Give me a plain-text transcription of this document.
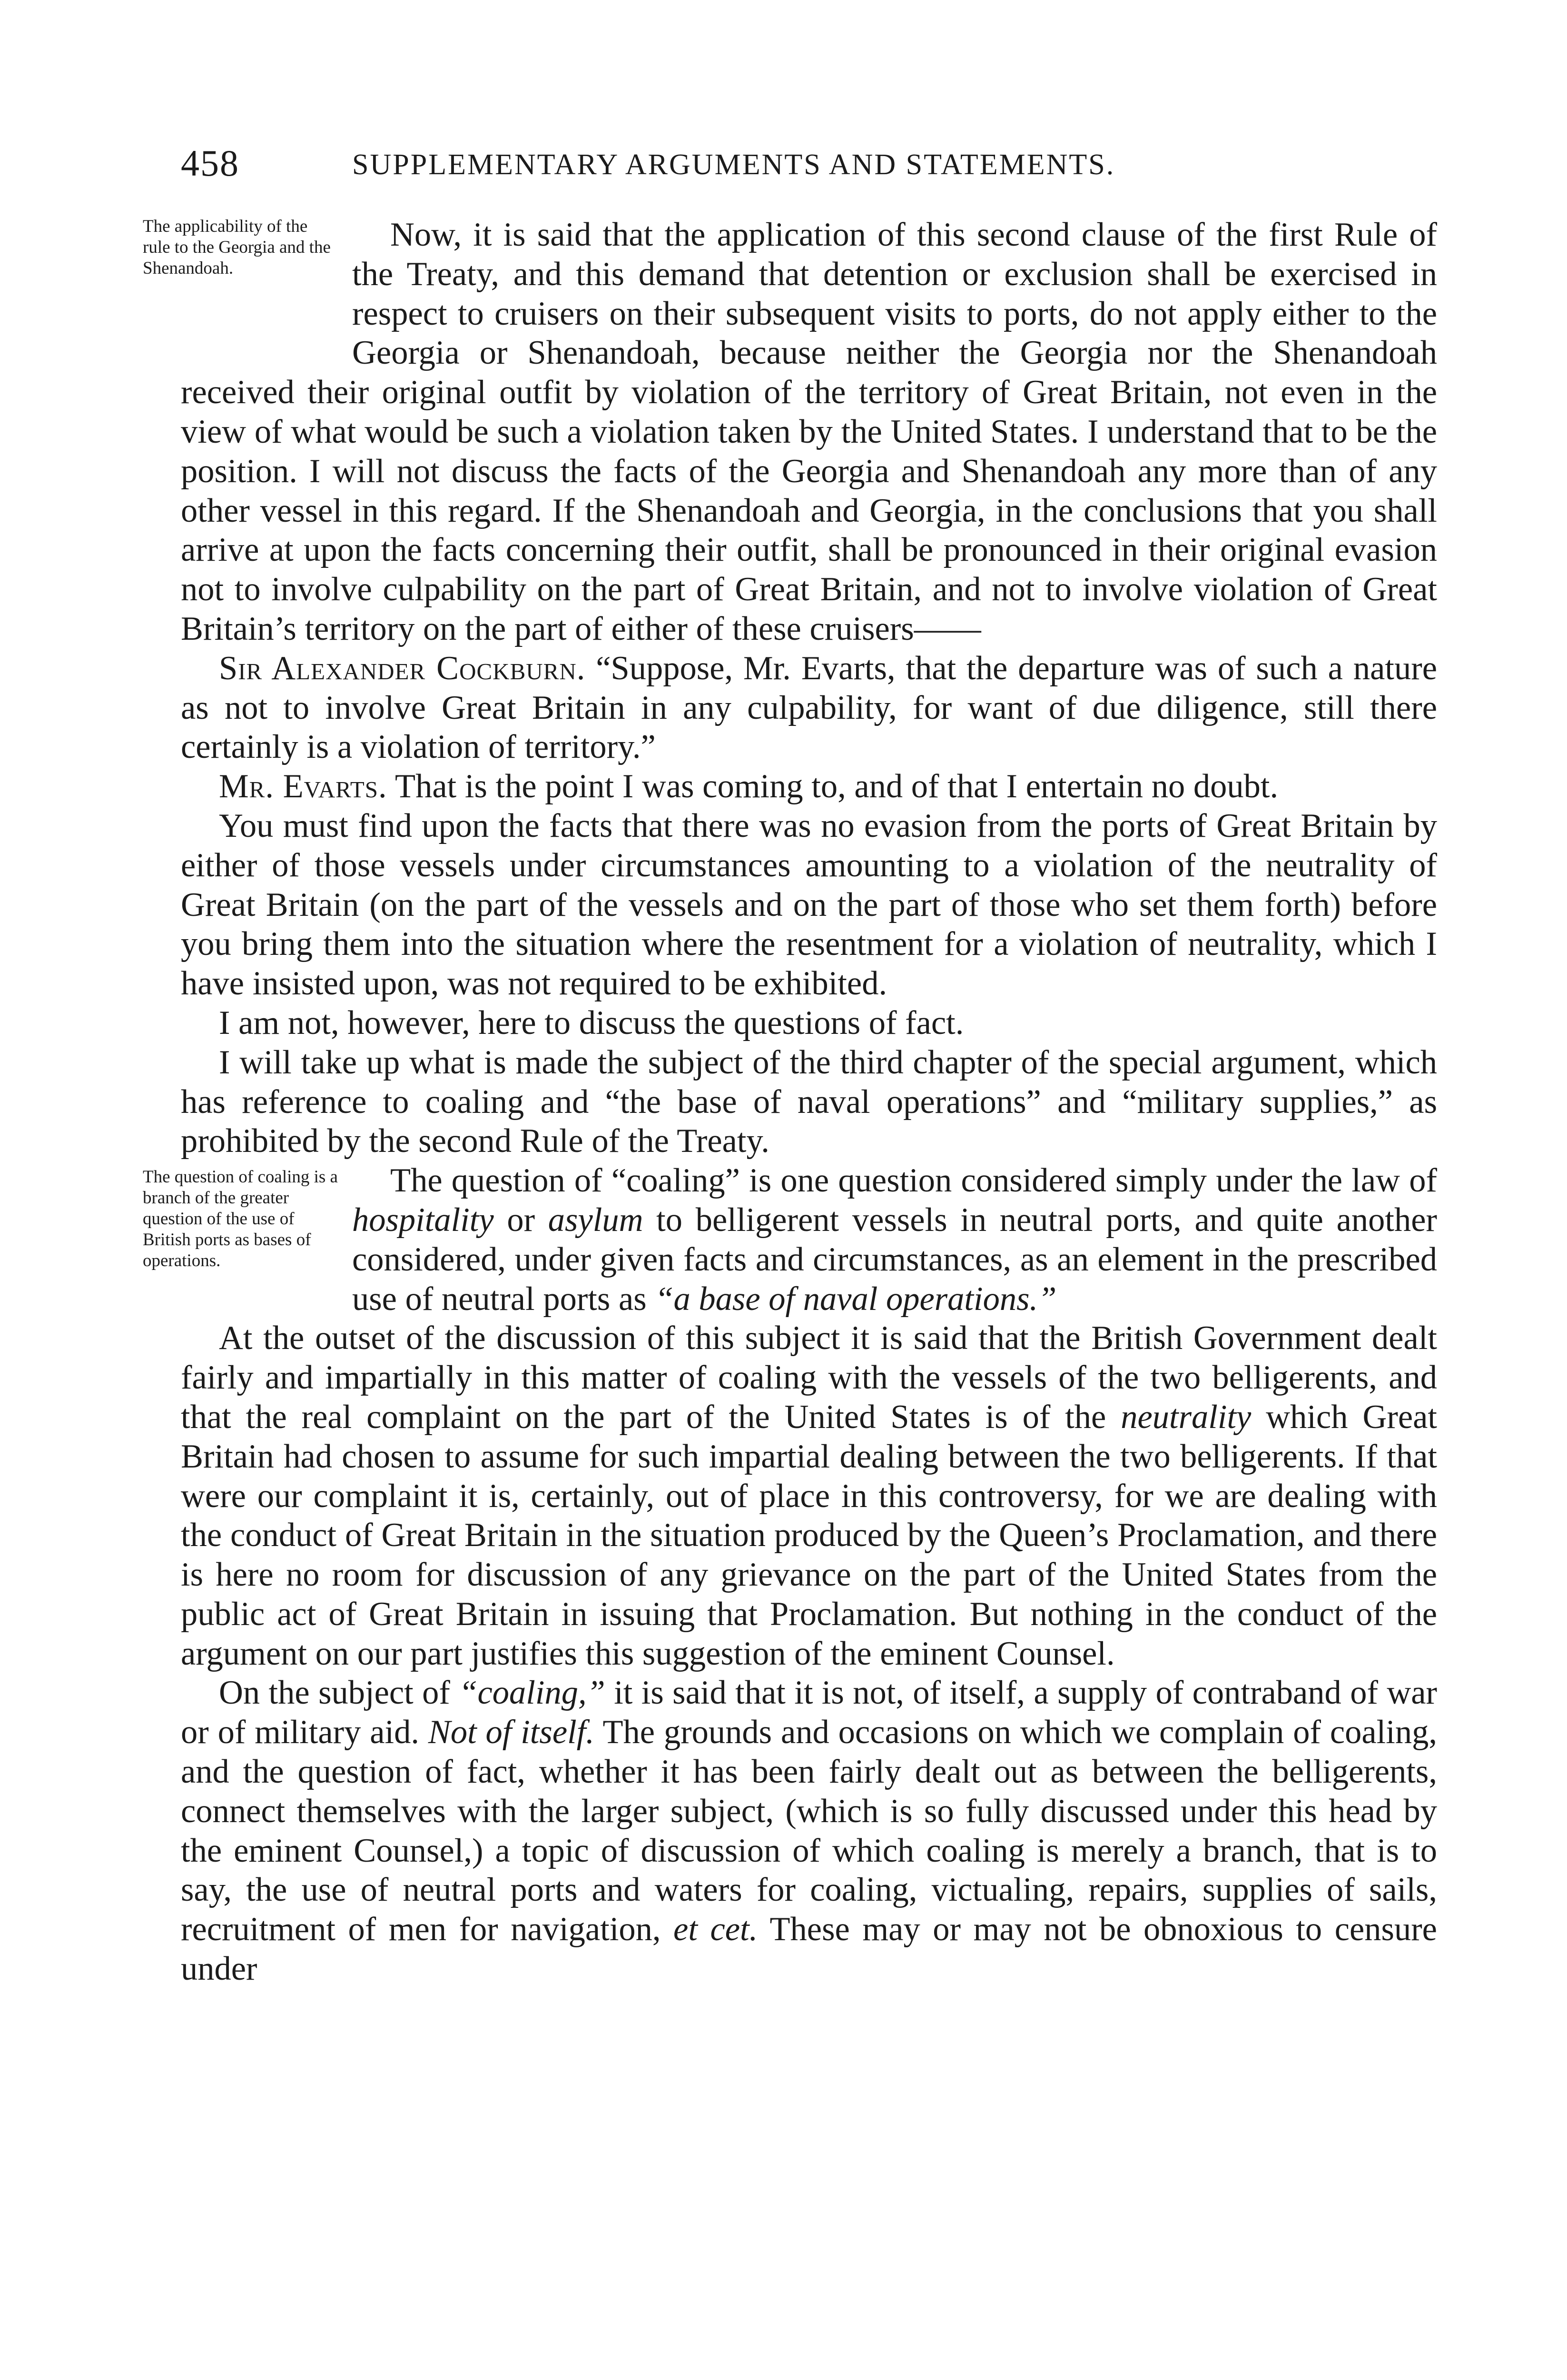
458	SUPPLEMENTARY ARGUMENTS AND STATEMENTS.

The applicability of the rule to the Georgia and the Shenandoah.
Now, it is said that the application of this second clause of the first Rule of the Treaty, and this demand that detention or exclusion shall be exercised in respect to cruisers on their subsequent visits to ports, do not apply either to the Georgia or Shenandoah, because neither the Georgia nor the Shenandoah received their original outfit by violation of the territory of Great Britain, not even in the view of what would be such a violation taken by the United States. I understand that to be the position. I will not discuss the facts of the Georgia and Shenandoah any more than of any other vessel in this regard. If the Shenandoah and Georgia, in the conclusions that you shall arrive at upon the facts concerning their outfit, shall be pronounced in their original evasion not to involve culpability on the part of Great Britain, and not to involve violation of Great Britain’s territory on the part of either of these cruisers——

Sir Alexander Cockburn. “Suppose, Mr. Evarts, that the departure was of such a nature as not to involve Great Britain in any culpability, for want of due diligence, still there certainly is a violation of territory.”

Mr. Evarts. That is the point I was coming to, and of that I entertain no doubt.

You must find upon the facts that there was no evasion from the ports of Great Britain by either of those vessels under circumstances amounting to a violation of the neutrality of Great Britain (on the part of the vessels and on the part of those who set them forth) before you bring them into the situation where the resentment for a violation of neutrality, which I have insisted upon, was not required to be exhibited.

I am not, however, here to discuss the questions of fact.

I will take up what is made the subject of the third chapter of the special argument, which has reference to coaling and “the base of naval operations” and “military supplies,” as prohibited by the second Rule of the Treaty.

The question of “coaling” is one question considered simply under the law of
The question of coaling is a branch of the greater question of the use of British ports as bases of operations.
hospitality or asylum to belligerent vessels in neutral ports, and quite another considered, under given facts and circumstances, as an element in the prescribed use of neutral ports as “a base of naval operations.”

At the outset of the discussion of this subject it is said that the British Government dealt fairly and impartially in this matter of coaling with the vessels of the two belligerents, and that the real complaint on the part of the United States is of the neutrality which Great Britain had chosen to assume for such impartial dealing between the two belligerents. If that were our complaint it is, certainly, out of place in this controversy, for we are dealing with the conduct of Great Britain in the situation produced by the Queen’s Proclamation, and there is here no room for discussion of any grievance on the part of the United States from the public act of Great Britain in issuing that Proclamation. But nothing in the conduct of the argument on our part justifies this suggestion of the eminent Counsel.

On the subject of “coaling,” it is said that it is not, of itself, a supply of contraband of war or of military aid. Not of itself. The grounds and occasions on which we complain of coaling, and the question of fact, whether it has been fairly dealt out as between the belligerents, connect themselves with the larger subject, (which is so fully discussed under this head by the eminent Counsel,) a topic of discussion of which coaling is merely a branch, that is to say, the use of neutral ports and waters for coaling, victualing, repairs, supplies of sails, recruitment of men for navigation, et cet. These may or may not be obnoxious to censure under
